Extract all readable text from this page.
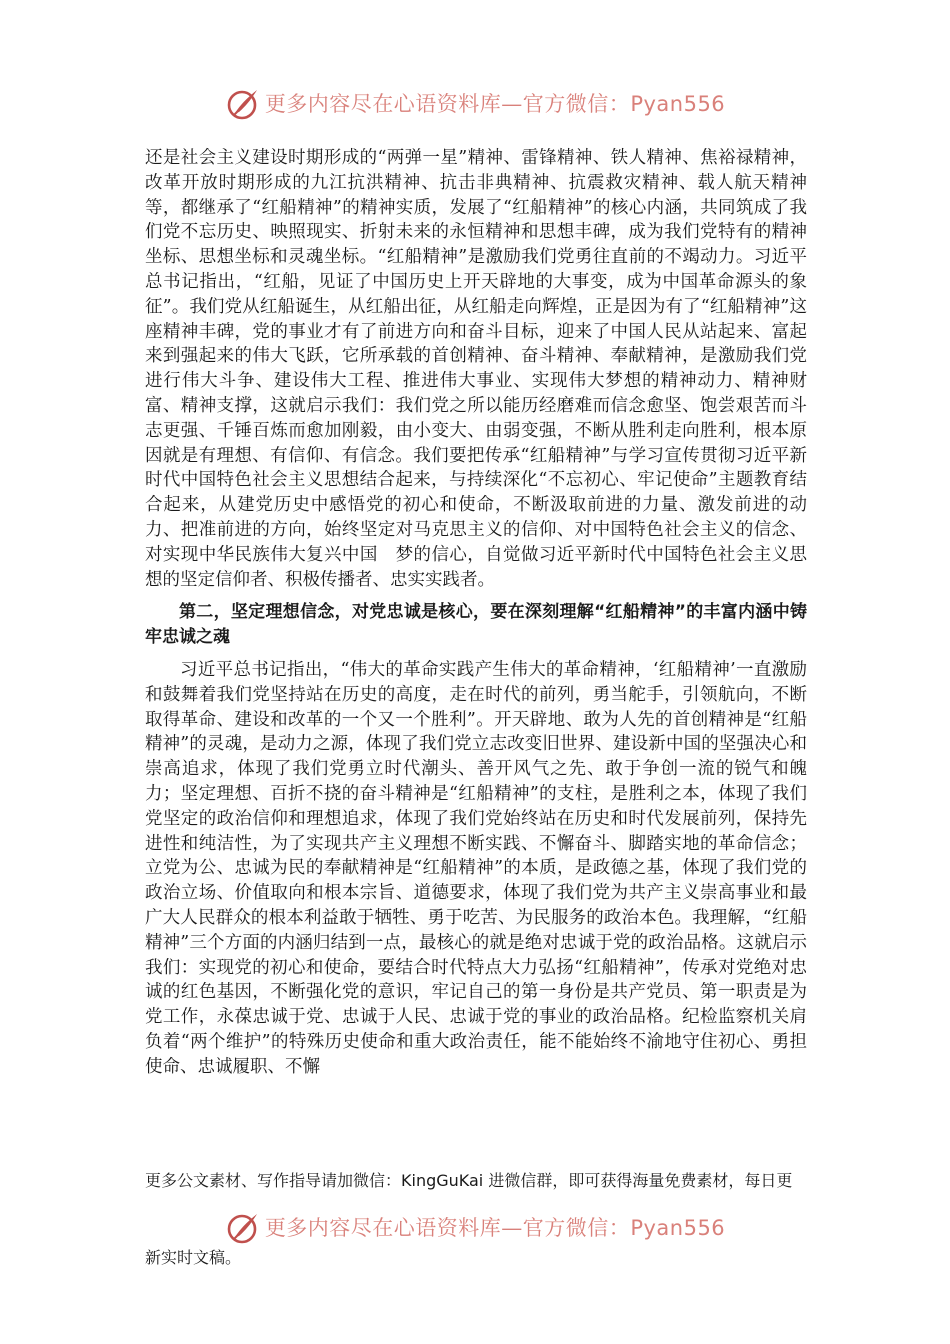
更多内容尽在心语资料库—官方微信：Pyan556

还是社会主义建设时期形成的“两弹一星”精神、雷锋精神、铁人精神、焦裕禄精神，改革开放时期形成的九江抗洪精神、抗击非典精神、抗震救灾精神、载人航天精神等，都继承了“红船精神”的精神实质，发展了“红船精神”的核心内涵，共同筑成了我们党不忘历史、映照现实、折射未来的永恒精神和思想丰碑，成为我们党特有的精神坐标、思想坐标和灵魂坐标。“红船精神”是激励我们党勇往直前的不竭动力。习近平总书记指出，“红船，见证了中国历史上开天辟地的大事变，成为中国革命源头的象征”。我们党从红船诞生，从红船出征，从红船走向辉煌，正是因为有了“红船精神”这座精神丰碑，党的事业才有了前进方向和奋斗目标，迎来了中国人民从站起来、富起来到强起来的伟大飞跃，它所承载的首创精神、奋斗精神、奉献精神，是激励我们党进行伟大斗争、建设伟大工程、推进伟大事业、实现伟大梦想的精神动力、精神财富、精神支撑，这就启示我们：我们党之所以能历经磨难而信念愈坚、饱尝艰苦而斗志更强、千锤百炼而愈加刚毅，由小变大、由弱变强，不断从胜利走向胜利，根本原因就是有理想、有信仰、有信念。我们要把传承“红船精神”与学习宣传贯彻习近平新时代中国特色社会主义思想结合起来，与持续深化“不忘初心、牢记使命”主题教育结合起来，从建党历史中感悟党的初心和使命，不断汲取前进的力量、激发前进的动力、把准前进的方向，始终坚定对马克思主义的信仰、对中国特色社会主义的信念、对实现中华民族伟大复兴中国　梦的信心，自觉做习近平新时代中国特色社会主义思想的坚定信仰者、积极传播者、忠实实践者。

第二，坚定理想信念，对党忠诚是核心，要在深刻理解“红船精神”的丰富内涵中铸牢忠诚之魂

习近平总书记指出，“伟大的革命实践产生伟大的革命精神，‘红船精神’一直激励和鼓舞着我们党坚持站在历史的高度，走在时代的前列，勇当舵手，引领航向，不断取得革命、建设和改革的一个又一个胜利”。开天辟地、敢为人先的首创精神是“红船精神”的灵魂，是动力之源，体现了我们党立志改变旧世界、建设新中国的坚强决心和崇高追求，体现了我们党勇立时代潮头、善开风气之先、敢于争创一流的锐气和魄力；坚定理想、百折不挠的奋斗精神是“红船精神”的支柱，是胜利之本，体现了我们党坚定的政治信仰和理想追求，体现了我们党始终站在历史和时代发展前列，保持先进性和纯洁性，为了实现共产主义理想不断实践、不懈奋斗、脚踏实地的革命信念；立党为公、忠诚为民的奉献精神是“红船精神”的本质，是政德之基，体现了我们党的政治立场、价值取向和根本宗旨、道德要求，体现了我们党为共产主义崇高事业和最广大人民群众的根本利益敢于牺牲、勇于吃苦、为民服务的政治本色。我理解，“红船精神”三个方面的内涵归结到一点，最核心的就是绝对忠诚于党的政治品格。这就启示我们：实现党的初心和使命，要结合时代特点大力弘扬“红船精神”，传承对党绝对忠诚的红色基因，不断强化党的意识，牢记自己的第一身份是共产党员、第一职责是为党工作，永葆忠诚于党、忠诚于人民、忠诚于党的事业的政治品格。纪检监察机关肩负着“两个维护”的特殊历史使命和重大政治责任，能不能始终不渝地守住初心、勇担使命、忠诚履职、不懈

更多公文素材、写作指导请加微信：KingGuKai 进微信群，即可获得海量免费素材，每日更
更多内容尽在心语资料库—官方微信：Pyan556
新实时文稿。
